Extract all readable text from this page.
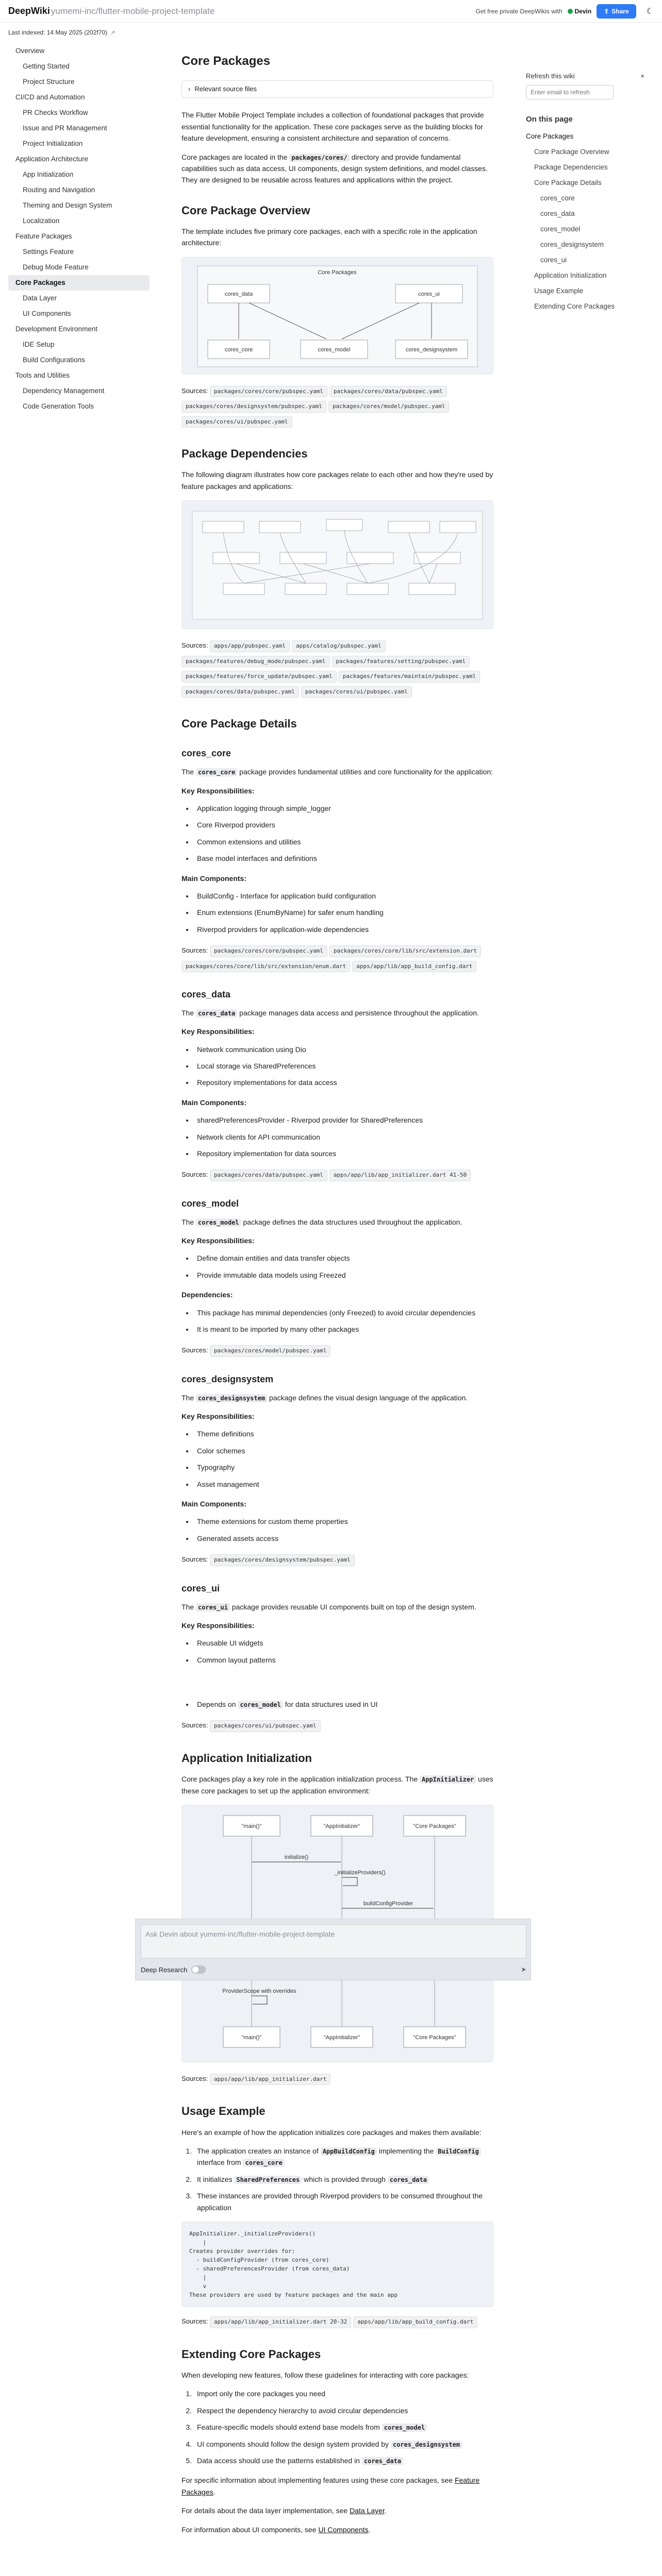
DeepWiki yumemi-inc/flutter-mobile-project-template	Get free private DeepWikis with Devin ⇪ Share ☾
Last indexed: 14 May 2025 (202f70) ↗
Overview
Getting Started
Project Structure
CI/CD and Automation
PR Checks Workflow
Issue and PR Management
Project Initialization
Application Architecture
App Initialization
Routing and Navigation
Theming and Design System
Localization
Feature Packages
Settings Feature
Debug Mode Feature
Core Packages
Data Layer
UI Components
Development Environment
IDE Setup
Build Configurations
Tools and Utilities
Dependency Management
Code Generation Tools
Refresh this wiki	×
Enter email to refresh
On this page
Core Packages
Core Package Overview
Package Dependencies
Core Package Details
cores_core
cores_data
cores_model
cores_designsystem
cores_ui
Application Initialization
Usage Example
Extending Core Packages
Core Packages
› Relevant source files

The Flutter Mobile Project Template includes a collection of foundational packages that provide essential functionality for the application. These core packages serve as the building blocks for feature development, ensuring a consistent architecture and separation of concerns.

Core packages are located in the packages/cores/ directory and provide fundamental capabilities such as data access, UI components, design system definitions, and model classes. They are designed to be reusable across features and applications within the project.

Core Package Overview

The template includes five primary core packages, each with a specific role in the application architecture:

Core Packages
cores_data	cores_ui
cores_core	cores_model	cores_designsystem
Sources: packages/cores/core/pubspec.yaml packages/cores/data/pubspec.yamlpackages/cores/designsystem/pubspec.yaml packages/cores/model/pubspec.yamlpackages/cores/ui/pubspec.yaml
Package Dependencies

The following diagram illustrates how core packages relate to each other and how they're used by feature packages and applications:

Sources: apps/app/pubspec.yaml apps/catalog/pubspec.yamlpackages/features/debug_mode/pubspec.yaml packages/features/setting/pubspec.yamlpackages/features/force_update/pubspec.yaml packages/features/maintain/pubspec.yamlpackages/cores/data/pubspec.yaml packages/cores/ui/pubspec.yaml
Core Package Details
cores_core

The cores_core package provides fundamental utilities and core functionality for the application:

Key Responsibilities:
• Application logging through simple_logger
• Core Riverpod providers
• Common extensions and utilities
• Base model interfaces and definitions
Main Components:
• BuildConfig - Interface for application build configuration
• Enum extensions (EnumByName) for safer enum handling
• Riverpod providers for application-wide dependencies
Sources: packages/cores/core/pubspec.yaml packages/cores/core/lib/src/extension.dartpackages/cores/core/lib/src/extension/enum.dart apps/app/lib/app_build_config.dart
cores_data

The cores_data package manages data access and persistence throughout the application.

Key Responsibilities:
• Network communication using Dio
• Local storage via SharedPreferences
• Repository implementations for data access
Main Components:
• sharedPreferencesProvider - Riverpod provider for SharedPreferences
• Network clients for API communication
• Repository implementation for data sources
Sources: packages/cores/data/pubspec.yaml apps/app/lib/app_initializer.dart 41-50
cores_model

The cores_model package defines the data structures used throughout the application.

Key Responsibilities:
• Define domain entities and data transfer objects
• Provide immutable data models using Freezed
Dependencies:
• This package has minimal dependencies (only Freezed) to avoid circular dependencies
• It is meant to be imported by many other packages
Sources: packages/cores/model/pubspec.yaml
cores_designsystem

The cores_designsystem package defines the visual design language of the application.

Key Responsibilities:
• Theme definitions
• Color schemes
• Typography
• Asset management
Main Components:
• Theme extensions for custom theme properties
• Generated assets access
Sources: packages/cores/designsystem/pubspec.yaml
cores_ui

The cores_ui package provides reusable UI components built on top of the design system.

Key Responsibilities:
• Reusable UI widgets
• Common layout patterns
• Depends on cores_model for data structures used in UI
Sources: packages/cores/ui/pubspec.yaml
Application Initialization

Core packages play a key role in the application initialization process. The AppInitializer uses these core packages to set up the application environment:

"main()"	"AppInitializer"	"Core Packages"
"main()"	"AppInitializer"	"Core Packages"
initialize()
_initializeProviders()
buildConfigProvider
ProviderScope with overrides
Sources: apps/app/lib/app_initializer.dart
Usage Example

Here's an example of how the application initializes core packages and makes them available:

1. The application creates an instance of AppBuildConfig implementing the BuildConfig interface from cores_core
2. It initializes SharedPreferences which is provided through cores_data
3. These instances are provided through Riverpod providers to be consumed throughout the application
AppInitializer._initializeProviders()
|
Creates provider overrides for:
- buildConfigProvider (from cores_core)
- sharedPreferencesProvider (from cores_data)
|
v
These providers are used by feature packages and the main app
Sources: apps/app/lib/app_initializer.dart 20-32 apps/app/lib/app_build_config.dart
Extending Core Packages

When developing new features, follow these guidelines for interacting with core packages:

1. Import only the core packages you need
2. Respect the dependency hierarchy to avoid circular dependencies
3. Feature-specific models should extend base models from cores_model
4. UI components should follow the design system provided by cores_designsystem
5. Data access should use the patterns established in cores_data

For specific information about implementing features using these core packages, see Feature Packages.

For details about the data layer implementation, see Data Layer.

For information about UI components, see UI Components.

Ask Devin about yumemi-inc/flutter-mobile-project-template
Deep Research	➤
